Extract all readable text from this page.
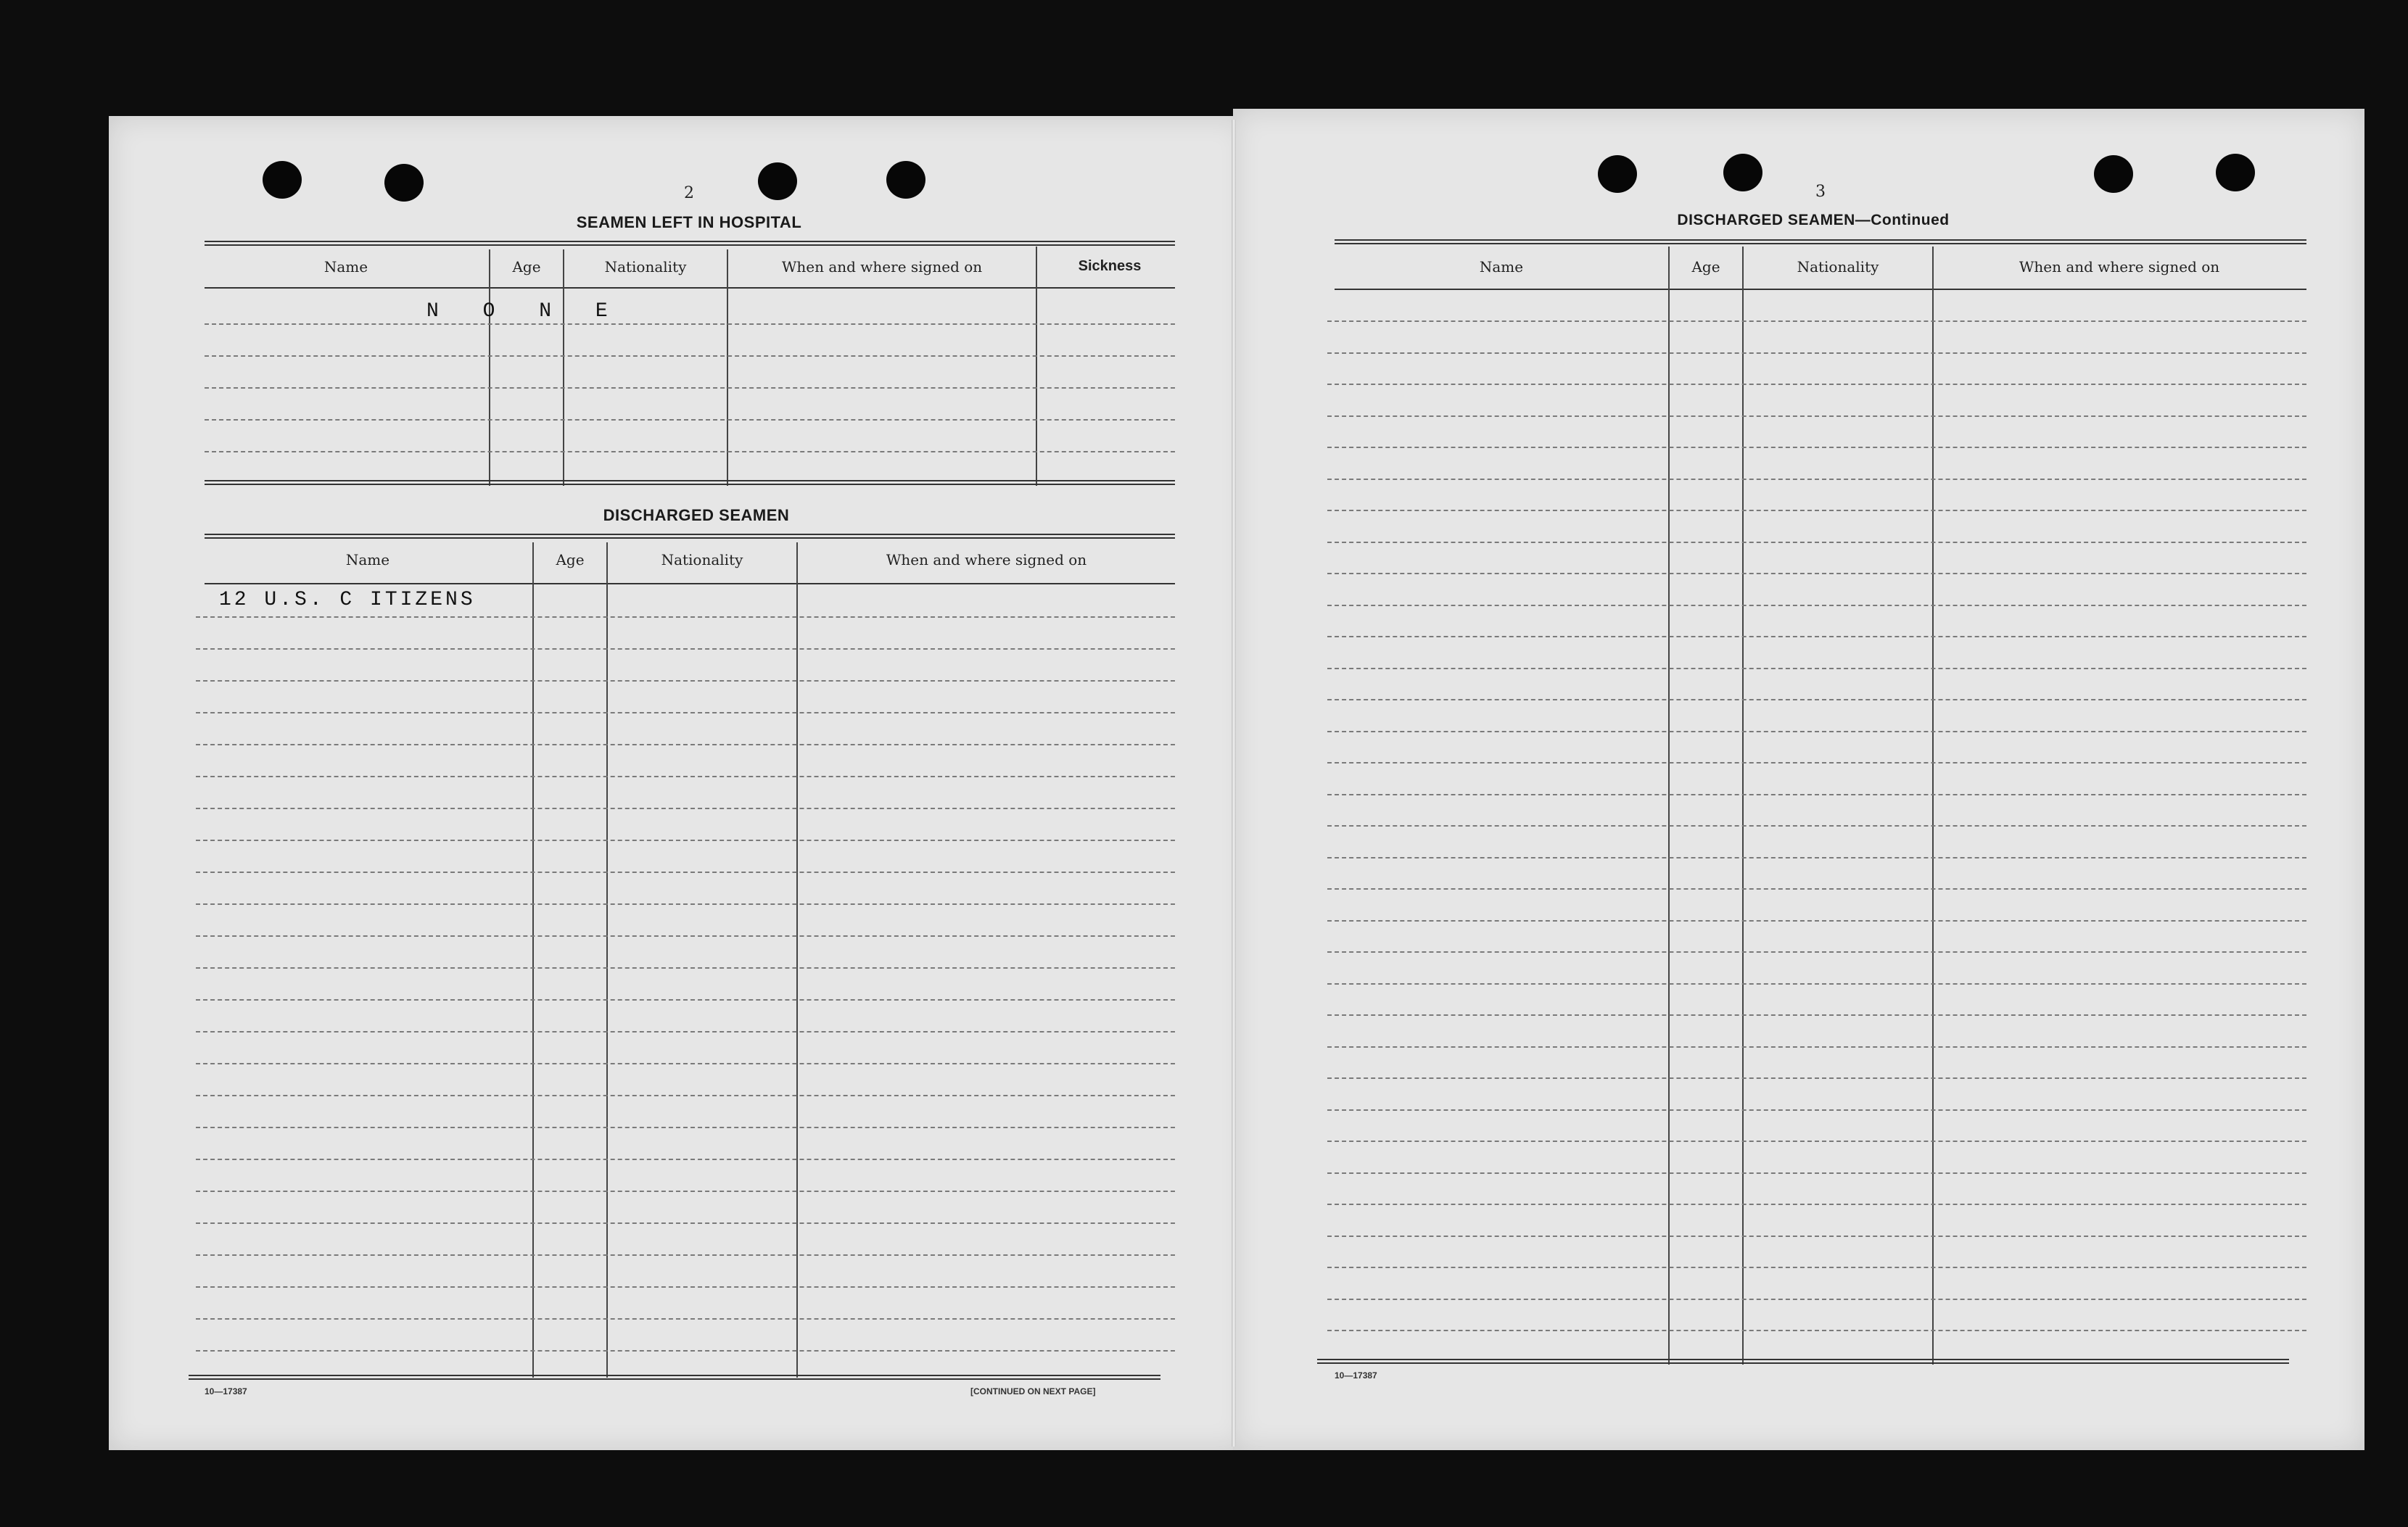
2
SEAMEN LEFT IN HOSPITAL
Name	Age	Nationality	When and where signed on	Sickness
N O N E
DISCHARGED SEAMEN
Name	Age	Nationality	When and where signed on
12 U.S. C ITIZENS
10—17387	[CONTINUED ON NEXT PAGE]
3
DISCHARGED SEAMEN—Continued
Name	Age	Nationality	When and where signed on
10—17387
